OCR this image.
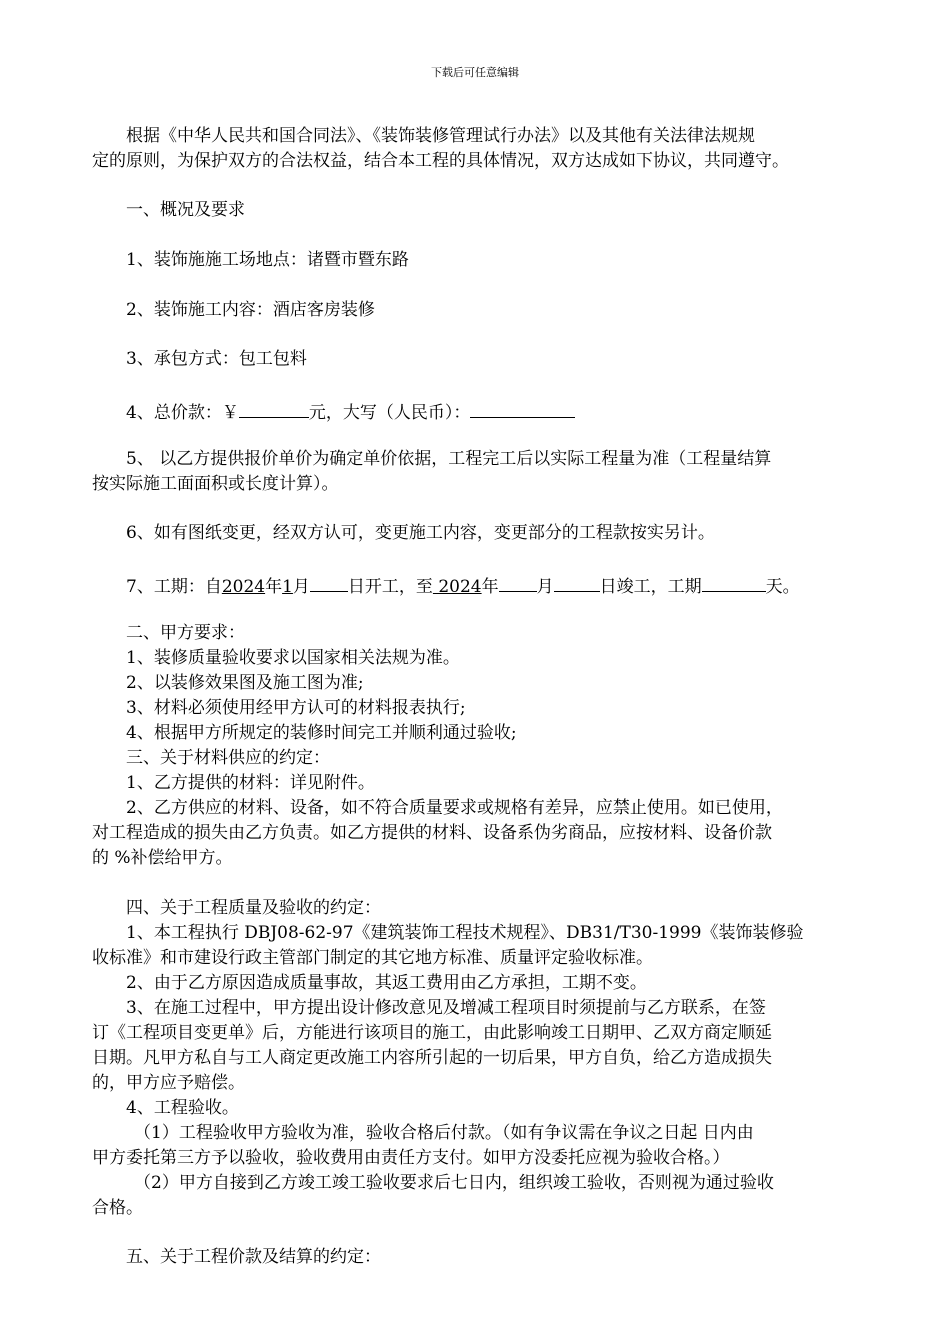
下载后可任意编辑
根据《中华人民共和国合同法》、《装饰装修管理试行办法》以及其他有关法律法规规
定的原则，为保护双方的合法权益，结合本工程的具体情况，双方达成如下协议，共同遵守。
一、概况及要求
1、装饰施施工场地点：诸暨市暨东路
2、装饰施工内容：酒店客房装修
3、承包方式：包工包料
4、总价款：￥	元，大写（人民币）：
5、 以乙方提供报价单价为确定单价依据，工程完工后以实际工程量为准（工程量结算
按实际施工面面积或长度计算）。
6、如有图纸变更，经双方认可，变更施工内容，变更部分的工程款按实另计。
7、工期：自2024年1月 日开工，至 2024年 月	日竣工，工期	天。
二、甲方要求：
1、装修质量验收要求以国家相关法规为准。
2、以装修效果图及施工图为准;
3、材料必须使用经甲方认可的材料报表执行;
4、根据甲方所规定的装修时间完工并顺利通过验收;
三、关于材料供应的约定：
1、乙方提供的材料：详见附件。
2、乙方供应的材料、设备，如不符合质量要求或规格有差异，应禁止使用。如已使用，
对工程造成的损失由乙方负责。如乙方提供的材料、设备系伪劣商品，应按材料、设备价款
的 %补偿给甲方。
四、关于工程质量及验收的约定：
1、本工程执行 DBJ08-62-97《建筑装饰工程技术规程》、DB31/T30-1999《装饰装修验
收标准》和市建设行政主管部门制定的其它地方标准、质量评定验收标准。
2、由于乙方原因造成质量事故，其返工费用由乙方承担，工期不变。
3、在施工过程中，甲方提出设计修改意见及增减工程项目时须提前与乙方联系，在签
订《工程项目变更单》后，方能进行该项目的施工，由此影响竣工日期甲、乙双方商定顺延
日期。凡甲方私自与工人商定更改施工内容所引起的一切后果，甲方自负，给乙方造成损失
的，甲方应予赔偿。
4、工程验收。
（1）工程验收甲方验收为准，验收合格后付款。（如有争议需在争议之日起 日内由
甲方委托第三方予以验收，验收费用由责任方支付。如甲方没委托应视为验收合格。）
（2）甲方自接到乙方竣工竣工验收要求后七日内，组织竣工验收，否则视为通过验收
合格。
五、关于工程价款及结算的约定：
